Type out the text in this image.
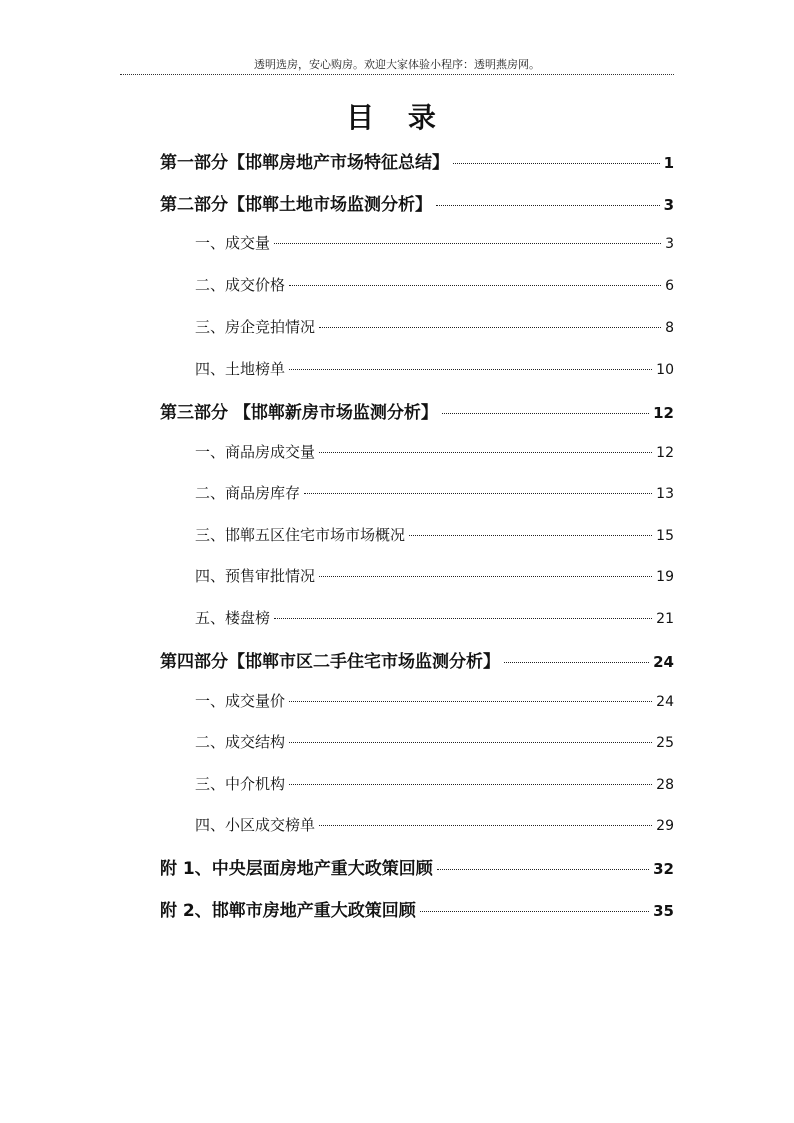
透明选房，安心购房。欢迎大家体验小程序：透明燕房网。
目 录
第一部分【邯郸房地产市场特征总结】	1
第二部分【邯郸土地市场监测分析】	3
一、成交量	3
二、成交价格	6
三、房企竞拍情况	8
四、土地榜单	10
第三部分 【邯郸新房市场监测分析】	12
一、商品房成交量	12
二、商品房库存	13
三、邯郸五区住宅市场市场概况	15
四、预售审批情况	19
五、楼盘榜	21
第四部分【邯郸市区二手住宅市场监测分析】	24
一、成交量价	24
二、成交结构	25
三、中介机构	28
四、小区成交榜单	29
附 1、中央层面房地产重大政策回顾	32
附 2、邯郸市房地产重大政策回顾	35
